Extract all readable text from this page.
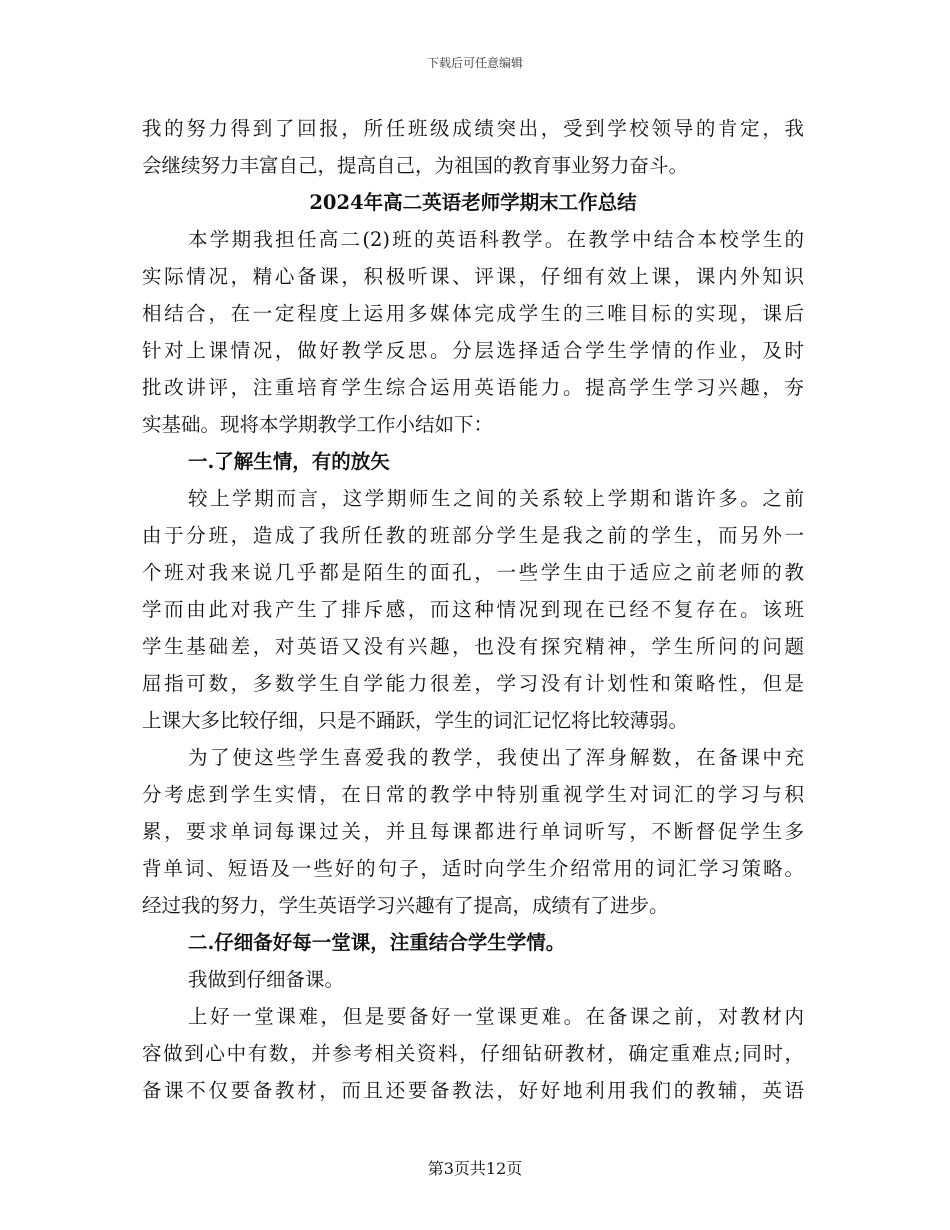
下载后可任意编辑
我的努力得到了回报，所任班级成绩突出，受到学校领导的肯定，我
会继续努力丰富自己，提高自己，为祖国的教育事业努力奋斗。
2024年高二英语老师学期末工作总结
本学期我担任高二(2)班的英语科教学。在教学中结合本校学生的
实际情况，精心备课，积极听课、评课，仔细有效上课，课内外知识
相结合，在一定程度上运用多媒体完成学生的三唯目标的实现，课后
针对上课情况，做好教学反思。分层选择适合学生学情的作业，及时
批改讲评，注重培育学生综合运用英语能力。提高学生学习兴趣，夯
实基础。现将本学期教学工作小结如下：
一.了解生情，有的放矢
较上学期而言，这学期师生之间的关系较上学期和谐许多。之前
由于分班，造成了我所任教的班部分学生是我之前的学生，而另外一
个班对我来说几乎都是陌生的面孔，一些学生由于适应之前老师的教
学而由此对我产生了排斥感，而这种情况到现在已经不复存在。该班
学生基础差，对英语又没有兴趣，也没有探究精神，学生所问的问题
屈指可数，多数学生自学能力很差，学习没有计划性和策略性，但是
上课大多比较仔细，只是不踊跃，学生的词汇记忆将比较薄弱。
为了使这些学生喜爱我的教学，我使出了浑身解数，在备课中充
分考虑到学生实情，在日常的教学中特别重视学生对词汇的学习与积
累，要求单词每课过关，并且每课都进行单词听写，不断督促学生多
背单词、短语及一些好的句子，适时向学生介绍常用的词汇学习策略。
经过我的努力，学生英语学习兴趣有了提高，成绩有了进步。
二.仔细备好每一堂课，注重结合学生学情。
我做到仔细备课。
上好一堂课难，但是要备好一堂课更难。在备课之前，对教材内
容做到心中有数，并参考相关资料，仔细钻研教材，确定重难点;同时，
备课不仅要备教材，而且还要备教法，好好地利用我们的教辅，英语
第3页共12页
